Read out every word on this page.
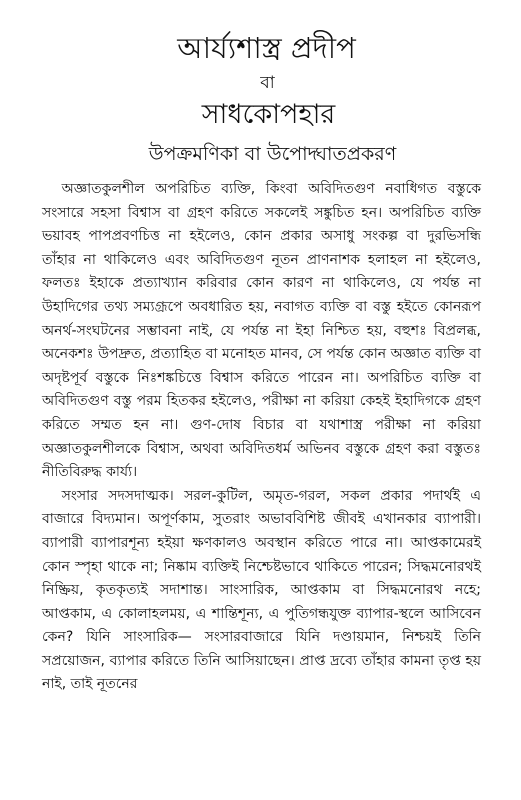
আর্য্যশাস্ত্র প্রদীপ
বা
সাধকোপহার
উপক্রমণিকা বা উপোদ্ঘাতপ্রকরণ

অজ্ঞাতকুলশীল অপরিচিত ব্যক্তি, কিংবা অবিদিতগুণ নবাধিগত বস্তুকে সংসারে সহসা বিশ্বাস বা গ্রহণ করিতে সকলেই সঙ্কুচিত হন। অপরিচিত ব্যক্তি ভয়াবহ পাপপ্রবণচিত্ত না হইলেও, কোন প্রকার অসাধু সংকল্প বা দুরভিসন্ধি তাঁহার না থাকিলেও এবং অবিদিতগুণ নূতন প্রাণনাশক হলাহল না হইলেও, ফলতঃ ইহাকে প্রত্যাখ্যান করিবার কোন কারণ না থাকিলেও, যে পর্যন্ত না উহাদিগের তথ্য সম্যগ্রূপে অবধারিত হয়, নবাগত ব্যক্তি বা বস্তু হইতে কোনরূপ অনর্থ-সংঘটনের সম্ভাবনা নাই, যে পর্যন্ত না ইহা নিশ্চিত হয়, বহুশঃ বিপ্রলব্ধ, অনেকশঃ উপদ্রুত, প্রত্যাহিত বা মনোহত মানব, সে পর্যন্ত কোন অজ্ঞাত ব্যক্তি বা অদৃষ্টপূর্ব বস্তুকে নিঃশঙ্কচিত্তে বিশ্বাস করিতে পারেন না। অপরিচিত ব্যক্তি বা অবিদিতগুণ বস্তু পরম হিতকর হইলেও, পরীক্ষা না করিয়া কেহই ইহাদিগকে গ্রহণ করিতে সম্মত হন না। গুণ-দোষ বিচার বা যথাশাস্ত্র পরীক্ষা না করিয়া অজ্ঞাতকুলশীলকে বিশ্বাস, অথবা অবিদিতধর্ম অভিনব বস্তুকে গ্রহণ করা বস্তুতঃ নীতিবিরুদ্ধ কার্য্য।

সংসার সদসদাত্মক। সরল-কুটিল, অমৃত-গরল, সকল প্রকার পদার্থই এ বাজারে বিদ্যমান। অপূর্ণকাম, সুতরাং অভাববিশিষ্ট জীবই এখানকার ব্যাপারী। ব্যাপারী ব্যাপারশূন্য হইয়া ক্ষণকালও অবস্থান করিতে পারে না। আপ্তকামেরই কোন স্পৃহা থাকে না; নিষ্কাম ব্যক্তিই নিশ্চেষ্টভাবে থাকিতে পারেন; সিদ্ধমনোরথই নিষ্ক্রিয়, কৃতকৃত্যই সদাশান্ত। সাংসারিক, আপ্তকাম বা সিদ্ধমনোরথ নহে; আপ্তকাম, এ কোলাহলময়, এ শান্তিশূন্য, এ পুতিগন্ধযুক্ত ব্যাপার-স্থলে আসিবেন কেন? যিনি সাংসারিক— সংসারবাজারে যিনি দণ্ডায়মান, নিশ্চয়ই তিনি সপ্রয়োজন, ব্যাপার করিতে তিনি আসিয়াছেন। প্রাপ্ত দ্রব্যে তাঁহার কামনা তৃপ্ত হয় নাই, তাই নূতনের
